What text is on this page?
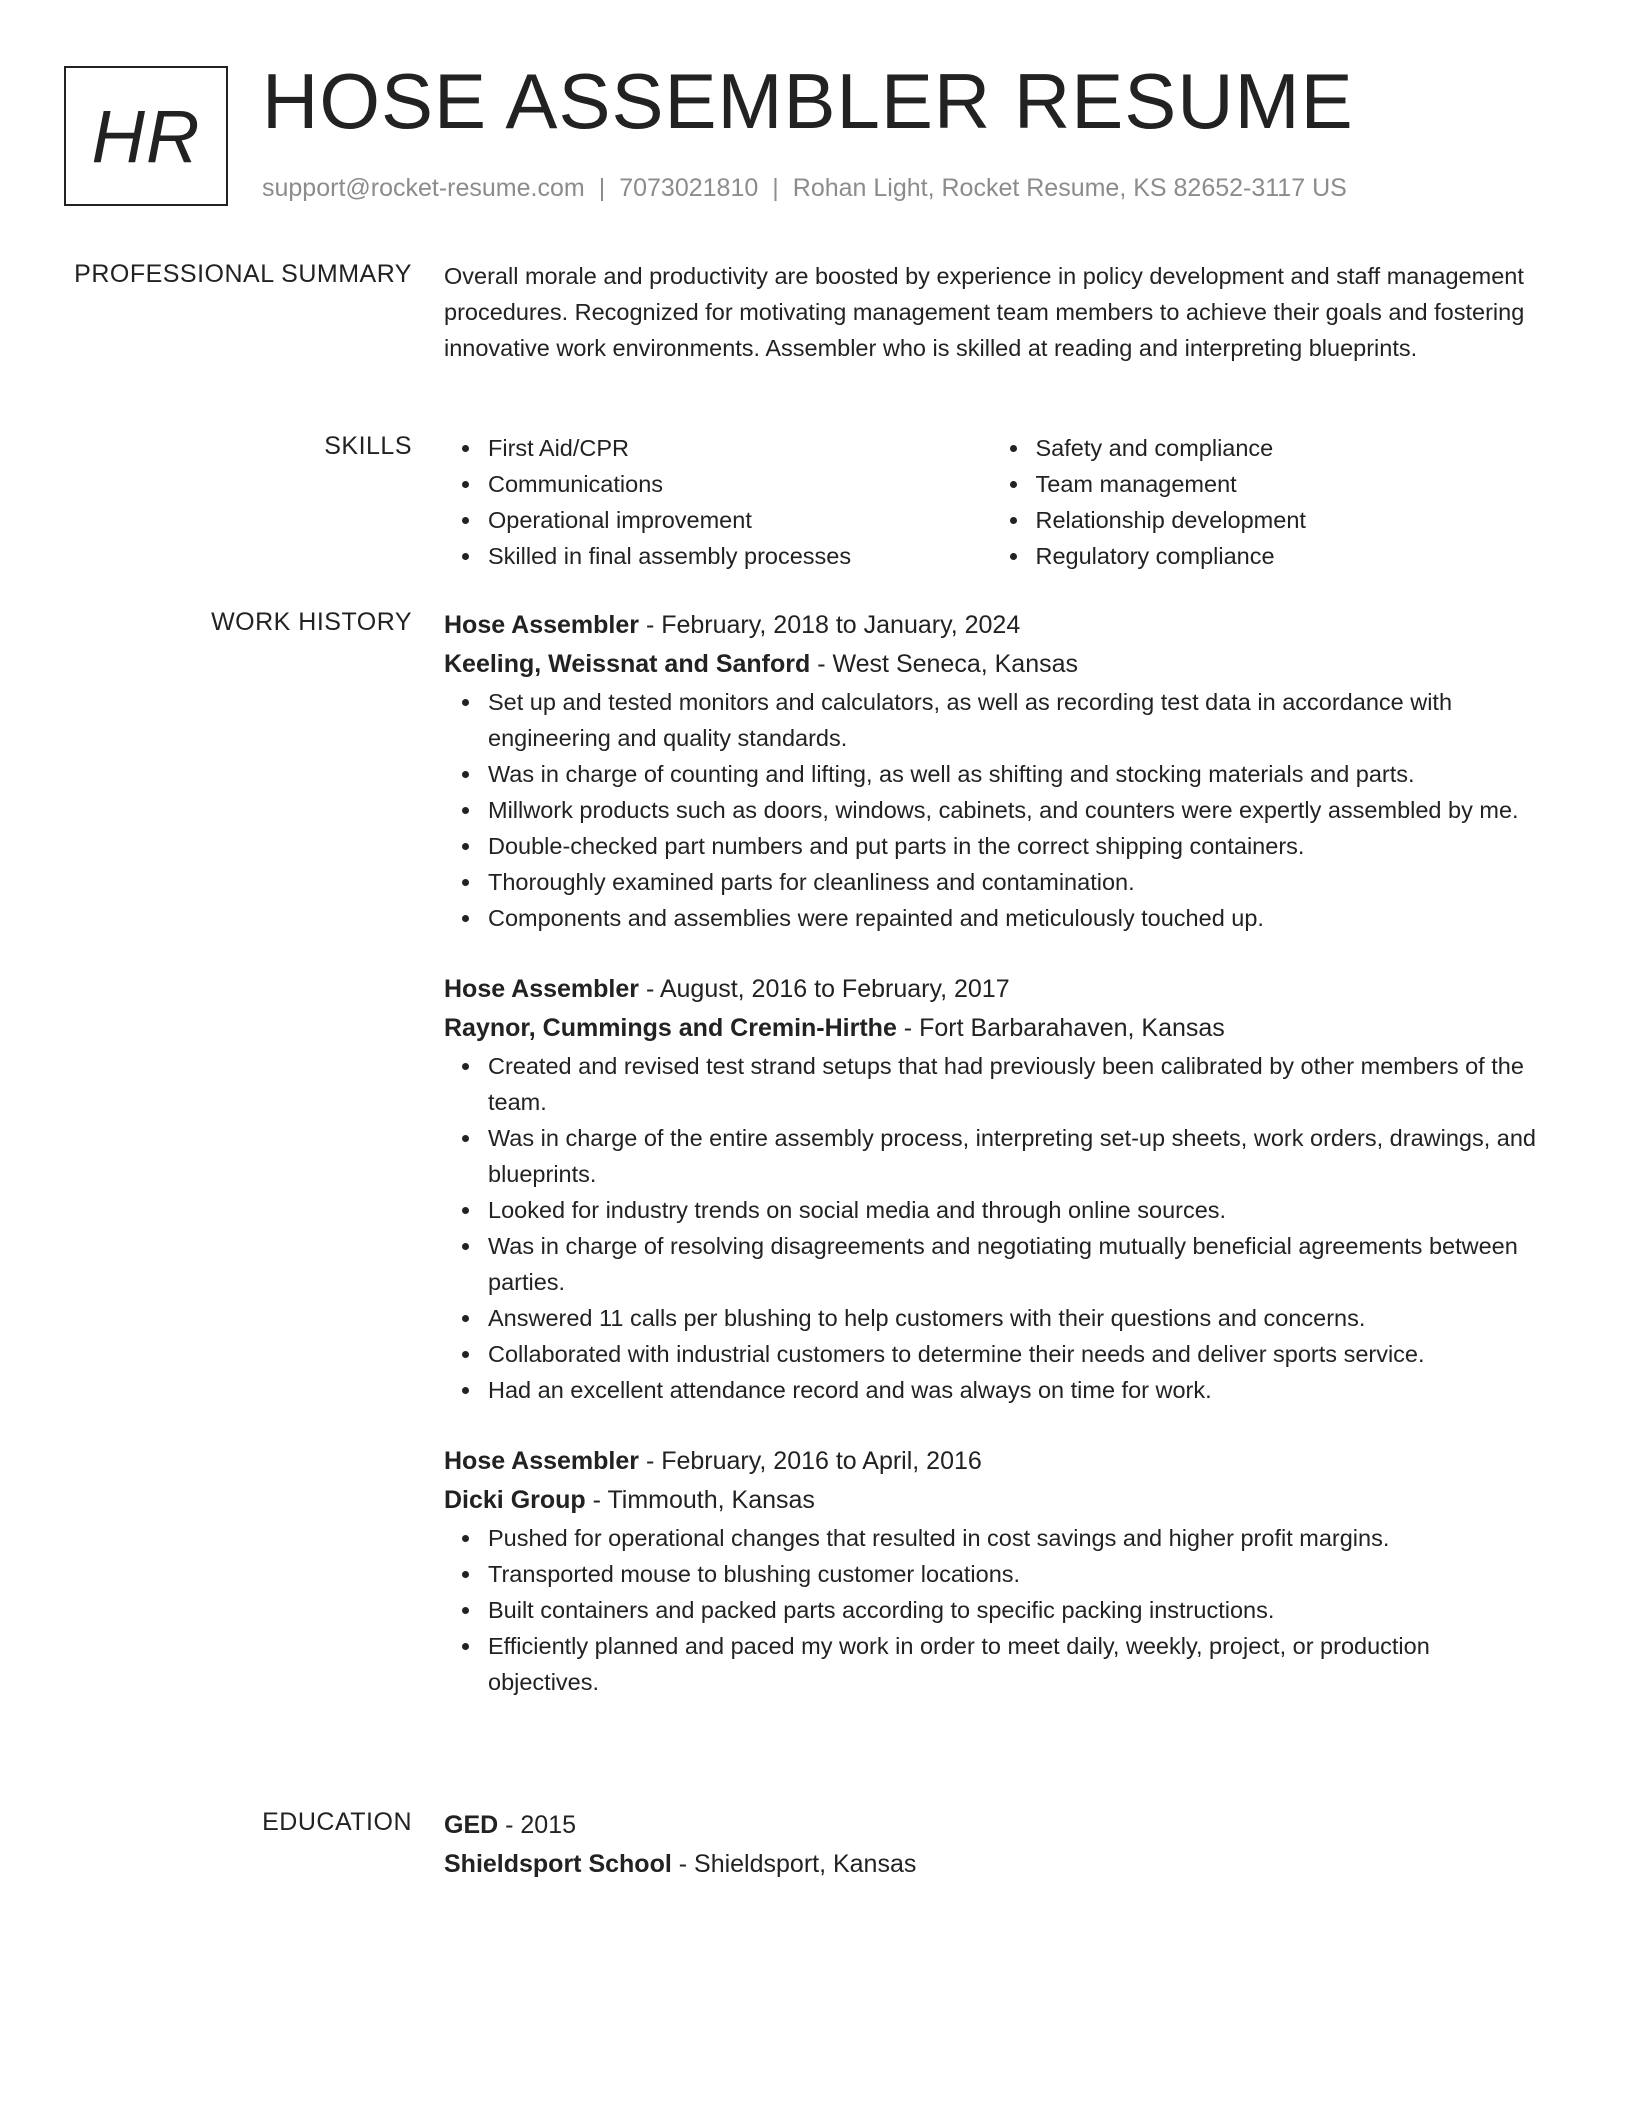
HR HOSE ASSEMBLER RESUME
support@rocket-resume.com | 7073021810 | Rohan Light, Rocket Resume, KS 82652-3117 US
PROFESSIONAL SUMMARY Overall morale and productivity are boosted by experience in policy development and staff management procedures. Recognized for motivating management team members to achieve their goals and fostering innovative work environments. Assembler who is skilled at reading and interpreting blueprints.

SKILLS	First Aid/CPR
Communications
Operational improvement
Skilled in final assembly processes
Safety and compliance
Team management
Relationship development
Regulatory compliance
WORK HISTORY Hose Assembler - February, 2018 to January, 2024
Keeling, Weissnat and Sanford - West Seneca, Kansas
Set up and tested monitors and calculators, as well as recording test data in accordance with engineering and quality standards.
Was in charge of counting and lifting, as well as shifting and stocking materials and parts.
Millwork products such as doors, windows, cabinets, and counters were expertly assembled by me.
Double-checked part numbers and put parts in the correct shipping containers.
Thoroughly examined parts for cleanliness and contamination.
Components and assemblies were repainted and meticulously touched up.
Hose Assembler - August, 2016 to February, 2017
Raynor, Cummings and Cremin-Hirthe - Fort Barbarahaven, Kansas
Created and revised test strand setups that had previously been calibrated by other members of the team.
Was in charge of the entire assembly process, interpreting set-up sheets, work orders, drawings, and blueprints.
Looked for industry trends on social media and through online sources.
Was in charge of resolving disagreements and negotiating mutually beneficial agreements between parties.
Answered 11 calls per blushing to help customers with their questions and concerns.
Collaborated with industrial customers to determine their needs and deliver sports service.
Had an excellent attendance record and was always on time for work.
Hose Assembler - February, 2016 to April, 2016
Dicki Group - Timmouth, Kansas
Pushed for operational changes that resulted in cost savings and higher profit margins.
Transported mouse to blushing customer locations.
Built containers and packed parts according to specific packing instructions.
Efficiently planned and paced my work in order to meet daily, weekly, project, or production objectives.
EDUCATION GED - 2015
Shieldsport School - Shieldsport, Kansas
